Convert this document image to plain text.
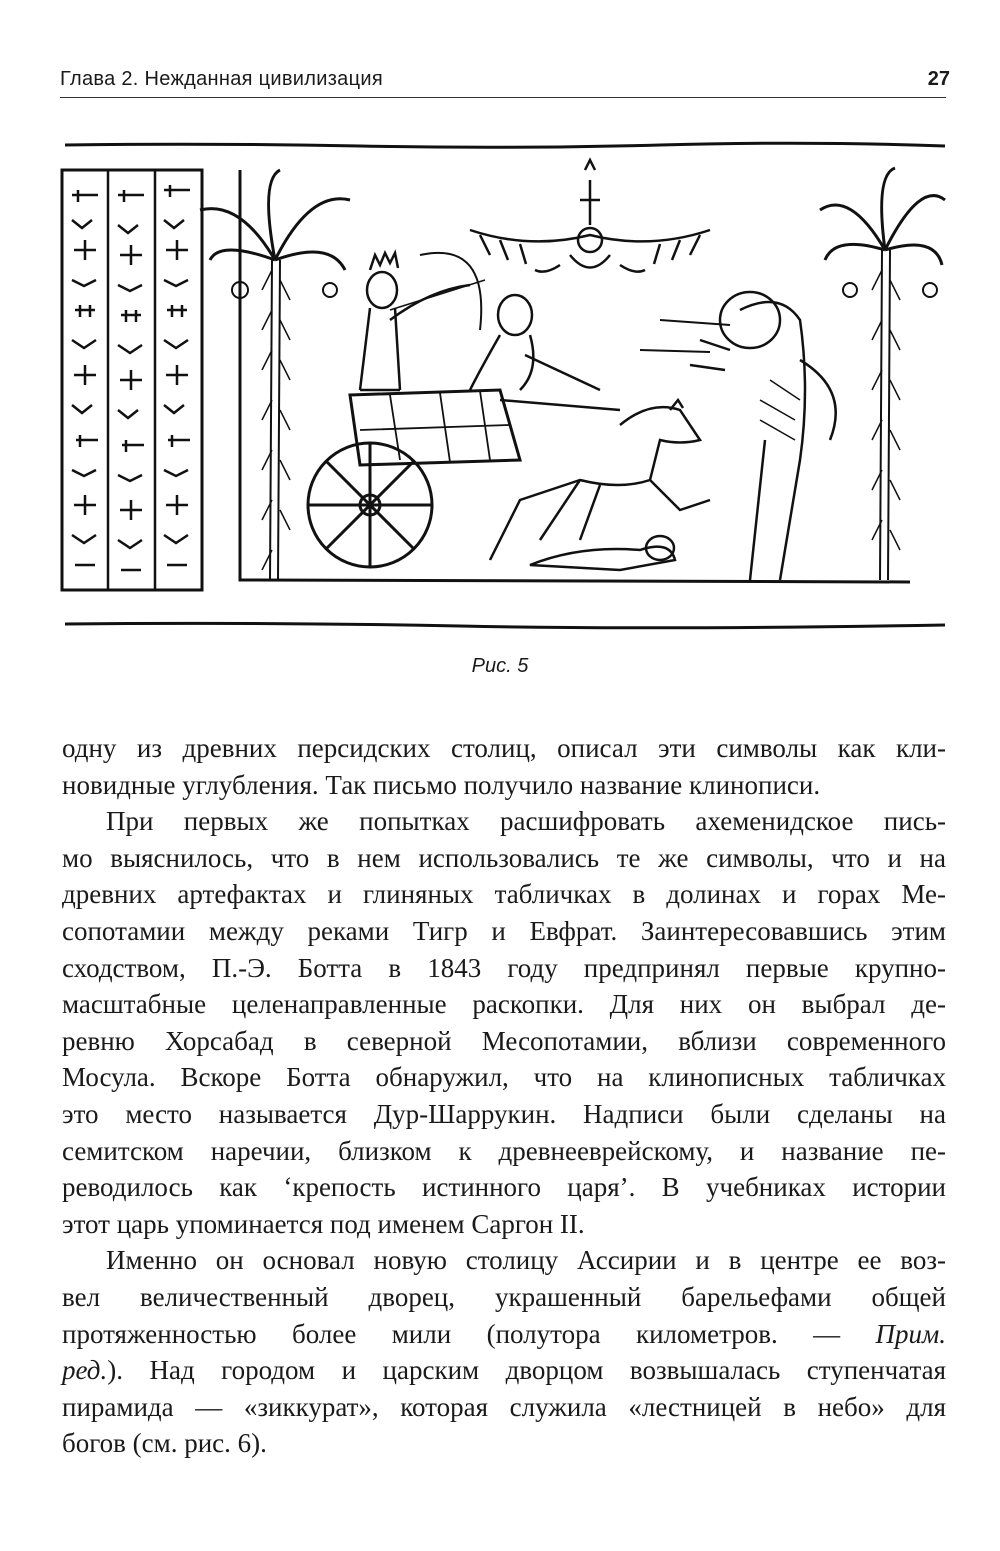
Глава 2. Нежданная цивилизация	27
Рис. 5
одну из древних персидских столиц, описал эти символы как кли-
новидные углубления. Так письмо получило название клинописи.
При первых же попытках расшифровать ахеменидское пись-
мо выяснилось, что в нем использовались те же символы, что и на
древних артефактах и глиняных табличках в долинах и горах Ме-
сопотамии между реками Тигр и Евфрат. Заинтересовавшись этим
сходством, П.-Э. Ботта в 1843 году предпринял первые крупно-
масштабные целенаправленные раскопки. Для них он выбрал де-
ревню Хорсабад в северной Месопотамии, вблизи современного
Мосула. Вскоре Ботта обнаружил, что на клинописных табличках
это место называется Дур-Шаррукин. Надписи были сделаны на
семитском наречии, близком к древнееврейскому, и название пе-
реводилось как ‘крепость истинного царя’. В учебниках истории
этот царь упоминается под именем Саргон II.
Именно он основал новую столицу Ассирии и в центре ее воз-
вел величественный дворец, украшенный барельефами общей
протяженностью более мили (полутора километров. — Прим.
ред.). Над городом и царским дворцом возвышалась ступенчатая
пирамида — «зиккурат», которая служила «лестницей в небо» для
богов (см. рис. 6).
